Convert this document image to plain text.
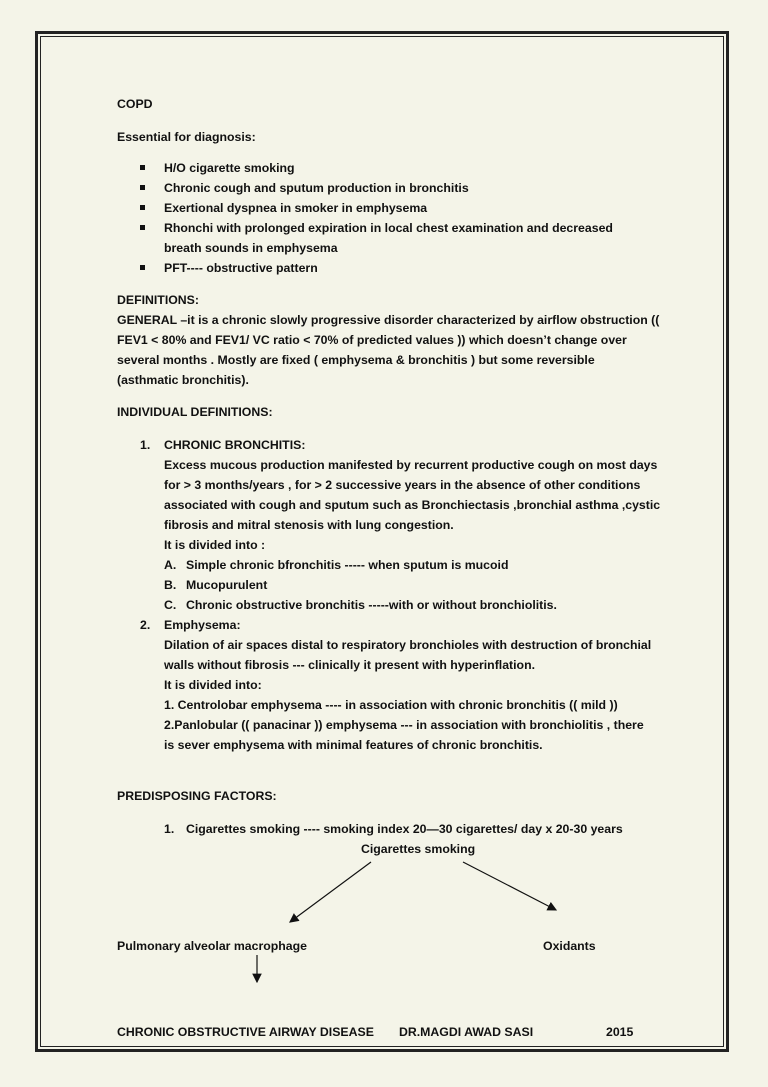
COPD
Essential for diagnosis:
H/O cigarette smoking
Chronic cough and sputum production in bronchitis
Exertional dyspnea in smoker in emphysema
Rhonchi with prolonged expiration in local chest examination and decreased
breath sounds in emphysema
PFT---- obstructive pattern
DEFINITIONS:
GENERAL –it is a chronic slowly progressive disorder characterized by airflow obstruction ((
FEV1 < 80% and FEV1/ VC ratio < 70% of predicted values )) which doesn’t change over
several months . Mostly are fixed ( emphysema & bronchitis ) but some reversible
(asthmatic bronchitis).
INDIVIDUAL DEFINITIONS:
1. CHRONIC BRONCHITIS:
Excess mucous production manifested by recurrent productive cough on most days
for > 3 months/years , for > 2 successive years in the absence of other conditions
associated with cough and sputum such as Bronchiectasis ,bronchial asthma ,cystic
fibrosis and mitral stenosis with lung congestion.
It is divided into :
A. Simple chronic bfronchitis ----- when sputum is mucoid
B. Mucopurulent
C. Chronic obstructive bronchitis -----with or without bronchiolitis.
2. Emphysema:
Dilation of air spaces distal to respiratory bronchioles with destruction of bronchial
walls without fibrosis --- clinically it present with hyperinflation.
It is divided into:
1. Centrolobar emphysema ---- in association with chronic bronchitis (( mild ))
2.Panlobular (( panacinar )) emphysema --- in association with bronchiolitis , there
is sever emphysema with minimal features of chronic bronchitis.
PREDISPOSING FACTORS:
1. Cigarettes smoking ---- smoking index 20—30 cigarettes/ day x 20-30 years
Cigarettes smoking
Pulmonary alveolar macrophage	Oxidants
CHRONIC OBSTRUCTIVE AIRWAY DISEASE DR.MAGDI AWAD SASI	2015
